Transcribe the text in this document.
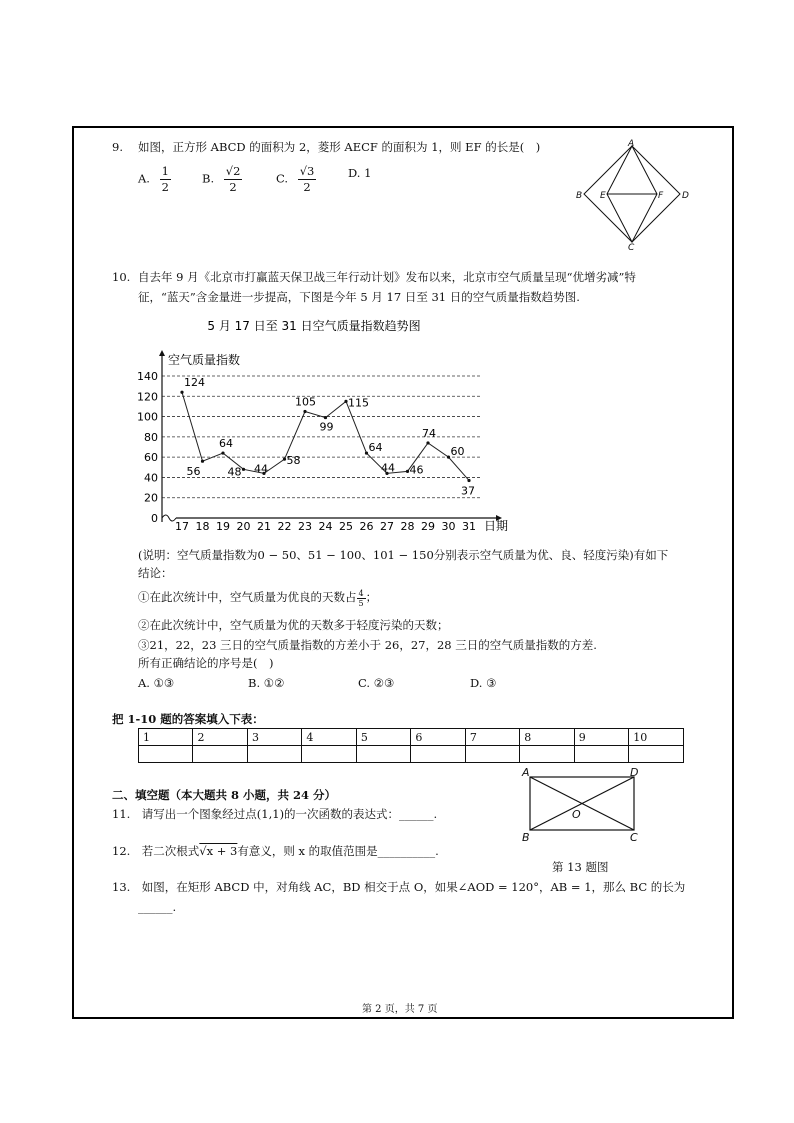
9. 如图，正方形 ABCD 的面积为 2，菱形 AECF 的面积为 1，则 EF 的长是(　)
A. $\frac{1}{2}$	B. $\frac{√2}{2}$	C. $\frac{√3}{2}$	D. 1
A
B
C
D
E	F
10. 自去年 9 月《北京市打赢蓝天保卫战三年行动计划》发布以来，北京市空气质量呈现“优增劣减”特
征，“蓝天”含金量进一步提高，下图是今年 5 月 17 日至 31 日的空气质量指数趋势图.
5 月 17 日至 31 日空气质量指数趋势图
空气质量指数
日期
0
20
40
60
80
100
120
140
17 18 19 20 21 22 23 24 25 26 27 28 29 30 31
124
56
64
48 44
58
105
99
115
64
44 46
74
60
37
(说明：空气质量指数为0 − 50、51 − 100、101 − 150分别表示空气质量为优、良、轻度污染)有如下
结论：
①在此次统计中，空气质量为优良的天数占 $\frac{4}{5}$ ；
②在此次统计中，空气质量为优的天数多于轻度污染的天数；
③21，22，23 三日的空气质量指数的方差小于 26，27，28 三日的空气质量指数的方差.
所有正确结论的序号是(　)
A. ①③	B. ①②	C. ②③	D. ③
把 1-10 题的答案填入下表：
1	2	3	4	5	6	7	8	9	10

二、填空题（本大题共 8 小题，共 24 分）
11. 请写出一个图象经过点(1,1)的一次函数的表达式：______.
12. 若二次根式√x + 3有意义，则 x 的取值范围是__________.
13. 如图，在矩形 ABCD 中，对角线 AC，BD 相交于点 O，如果∠AOD = 120°，AB = 1，那么 BC 的长为
______.
A
B	C
D
O
第 13 题图
第 2 页，共 7 页
